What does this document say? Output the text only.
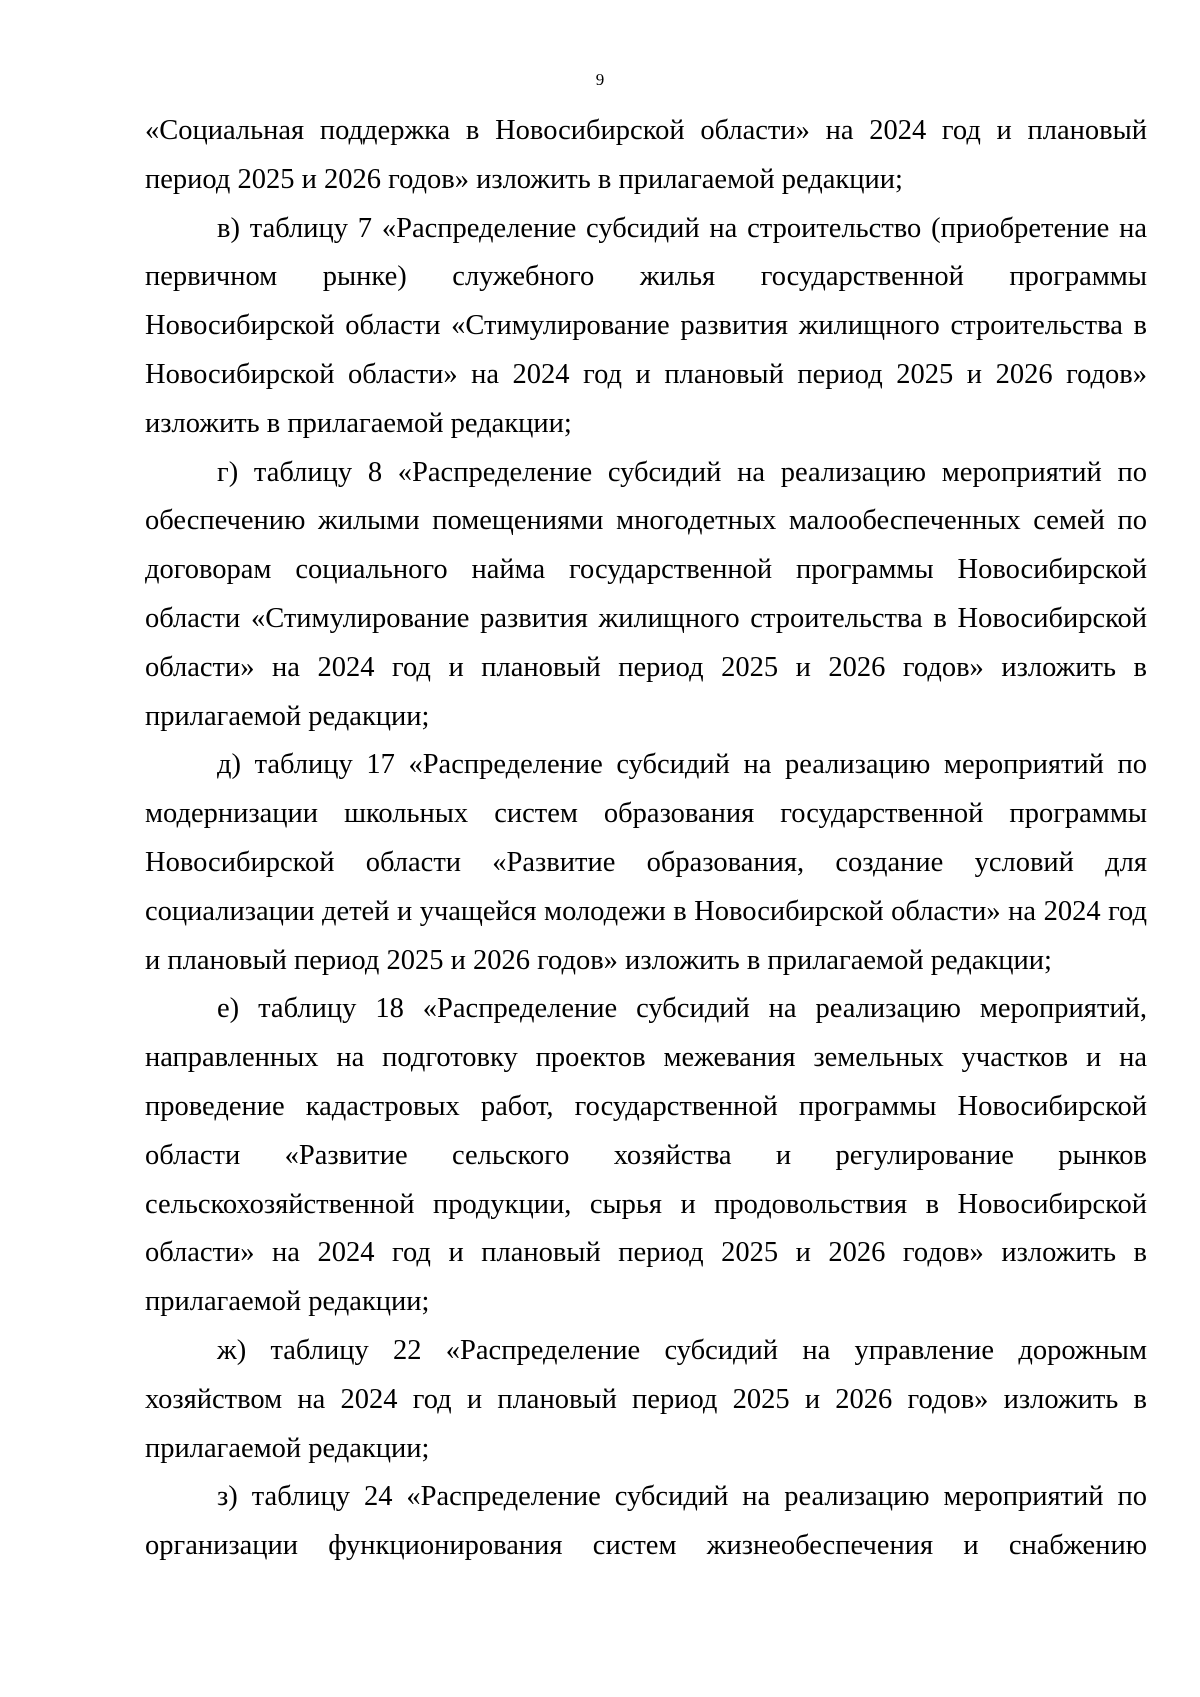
9

«Социальная поддержка в Новосибирской области» на 2024 год и плановый период 2025 и 2026 годов» изложить в прилагаемой редакции;

в) таблицу 7 «Распределение субсидий на строительство (приобретение на первичном рынке) служебного жилья государственной программы Новосибирской области «Стимулирование развития жилищного строительства в Новосибирской области» на 2024 год и плановый период 2025 и 2026 годов» изложить в прилагаемой редакции;

г) таблицу 8 «Распределение субсидий на реализацию мероприятий по обеспечению жилыми помещениями многодетных малообеспеченных семей по договорам социального найма государственной программы Новосибирской области «Стимулирование развития жилищного строительства в Новосибирской области» на 2024 год и плановый период 2025 и 2026 годов» изложить в прилагаемой редакции;

д) таблицу 17 «Распределение субсидий на реализацию мероприятий по модернизации школьных систем образования государственной программы Новосибирской области «Развитие образования, создание условий для социализации детей и учащейся молодежи в Новосибирской области» на 2024 год и плановый период 2025 и 2026 годов» изложить в прилагаемой редакции;

е) таблицу 18 «Распределение субсидий на реализацию мероприятий, направленных на подготовку проектов межевания земельных участков и на проведение кадастровых работ, государственной программы Новосибирской области «Развитие сельского хозяйства и регулирование рынков сельскохозяйственной продукции, сырья и продовольствия в Новосибирской области» на 2024 год и плановый период 2025 и 2026 годов» изложить в прилагаемой редакции;

ж) таблицу 22 «Распределение субсидий на управление дорожным хозяйством на 2024 год и плановый период 2025 и 2026 годов» изложить в прилагаемой редакции;

з) таблицу 24 «Распределение субсидий на реализацию мероприятий по организации функционирования систем жизнеобеспечения и снабжению
